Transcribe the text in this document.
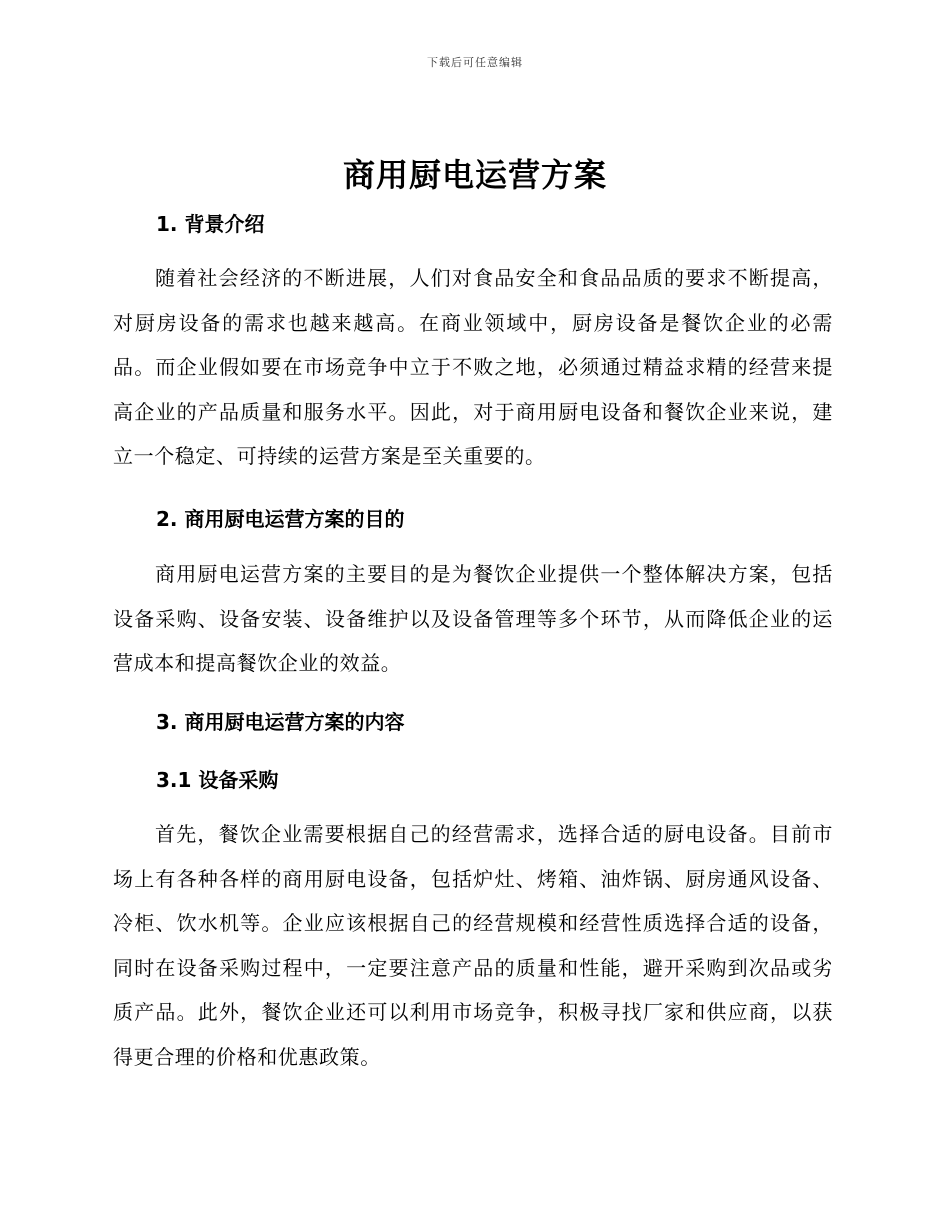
下载后可任意编辑
商用厨电运营方案
1. 背景介绍
随着社会经济的不断进展，人们对食品安全和食品品质的要求不断提高，对厨房设备的需求也越来越高。在商业领域中，厨房设备是餐饮企业的必需品。而企业假如要在市场竞争中立于不败之地，必须通过精益求精的经营来提高企业的产品质量和服务水平。因此，对于商用厨电设备和餐饮企业来说，建立一个稳定、可持续的运营方案是至关重要的。
2. 商用厨电运营方案的目的
商用厨电运营方案的主要目的是为餐饮企业提供一个整体解决方案，包括设备采购、设备安装、设备维护以及设备管理等多个环节，从而降低企业的运营成本和提高餐饮企业的效益。
3. 商用厨电运营方案的内容
3.1 设备采购
首先，餐饮企业需要根据自己的经营需求，选择合适的厨电设备。目前市场上有各种各样的商用厨电设备，包括炉灶、烤箱、油炸锅、厨房通风设备、冷柜、饮水机等。企业应该根据自己的经营规模和经营性质选择合适的设备，同时在设备采购过程中，一定要注意产品的质量和性能，避开采购到次品或劣质产品。此外，餐饮企业还可以利用市场竞争，积极寻找厂家和供应商，以获得更合理的价格和优惠政策。
